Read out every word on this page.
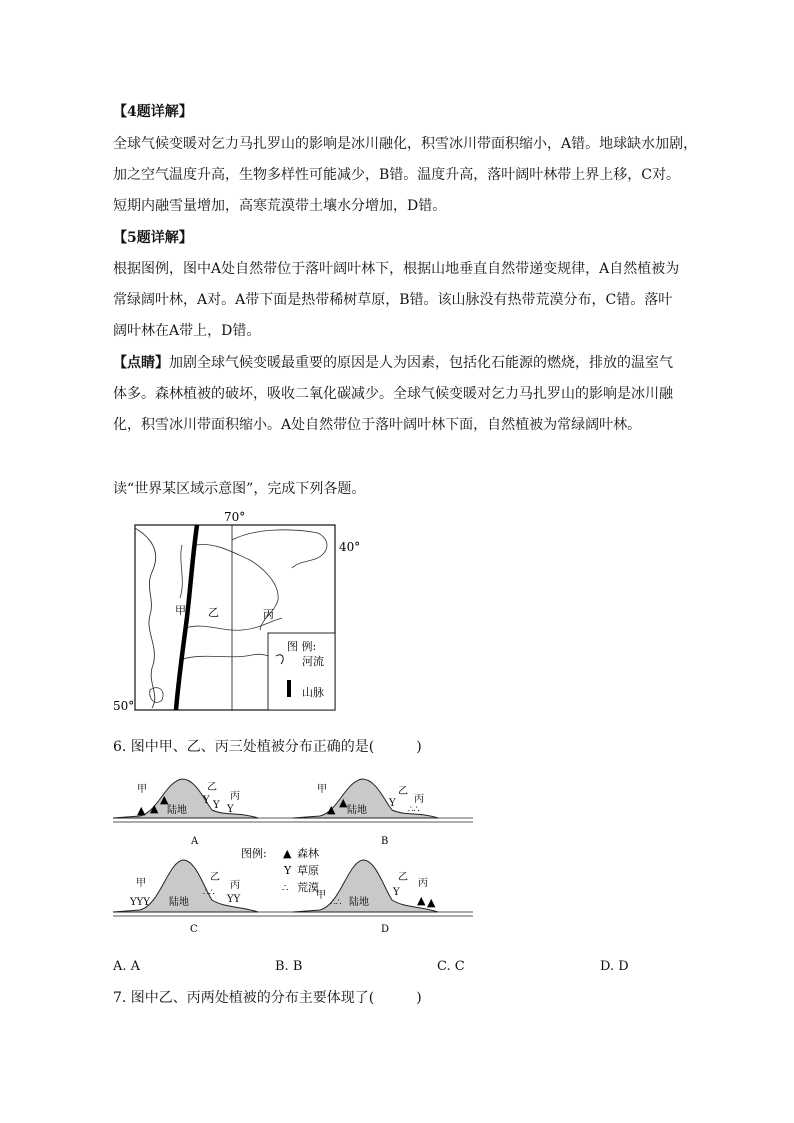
【4题详解】
全球气候变暖对乞力马扎罗山的影响是冰川融化，积雪冰川带面积缩小，A错。地球缺水加剧，
加之空气温度升高，生物多样性可能减少，B错。温度升高，落叶阔叶林带上界上移，C对。
短期内融雪量增加，高寒荒漠带土壤水分增加，D错。
【5题详解】
根据图例，图中A处自然带位于落叶阔叶林下，根据山地垂直自然带递变规律，A自然植被为
常绿阔叶林，A对。A带下面是热带稀树草原，B错。该山脉没有热带荒漠分布，C错。落叶
阔叶林在A带上，D错。
【点睛】加剧全球气候变暖最重要的原因是人为因素，包括化石能源的燃烧，排放的温室气
体多。森林植被的破坏，吸收二氧化碳减少。全球气候变暖对乞力马扎罗山的影响是冰川融
化，积雪冰川带面积缩小。A处自然带位于落叶阔叶林下面，自然植被为常绿阔叶林。
读“世界某区域示意图”，完成下列各题。
70°
40°
50°
甲 乙	丙
图 例:
河流
山脉
6. 图中甲、乙、丙三处植被分布正确的是(　　　)
甲
陆地
乙
丙
▲ ▲
▲	Y Y Y
A
甲
陆地
乙
丙
▲
▲	Y
∴∴
B
图例: ▲ 森林
Y 草原
∴ 荒漠
甲
陆地
乙
丙
YYY
∴∴
YY
C
甲
陆地
乙
丙
∴∴
Y
▲ ▲
D
A. A	B. B	C. C	D. D
7. 图中乙、丙两处植被的分布主要体现了(　　　)
